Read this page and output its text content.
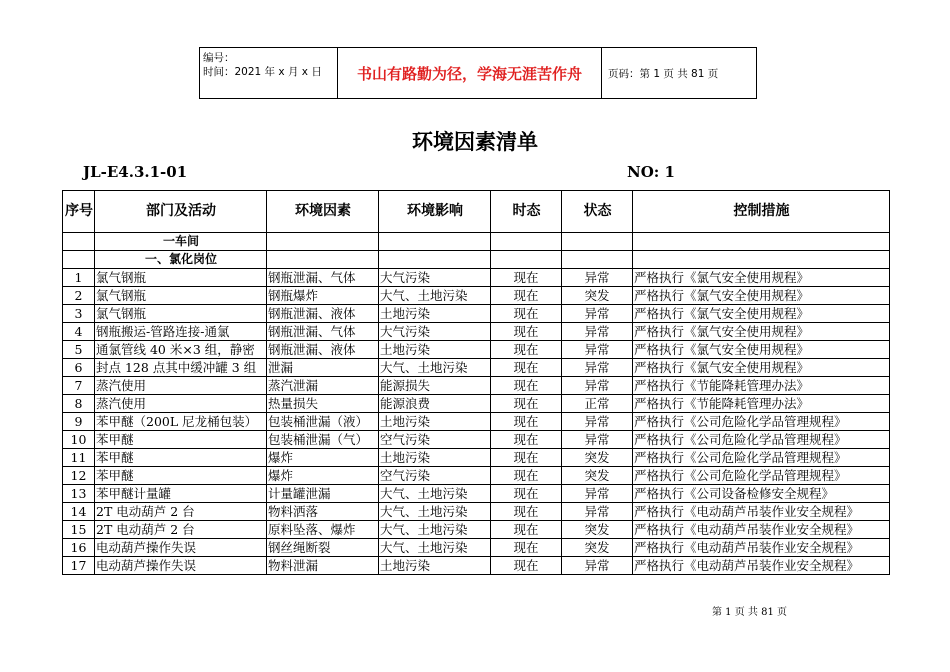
编号：
时间：2021 年 x 月 x 日	书山有路勤为径，学海无涯苦作舟	页码：第 1 页 共 81 页
环境因素清单
JL-E4.3.1-01	NO: 1
序号	部门及活动	环境因素	环境影响	时态	状态	控制措施
	一车间					
	一、氯化岗位					
1	氯气钢瓶	钢瓶泄漏、气体	大气污染	现在	异常	严格执行《氯气安全使用规程》
2	氯气钢瓶	钢瓶爆炸	大气、土地污染	现在	突发	严格执行《氯气安全使用规程》
3	氯气钢瓶	钢瓶泄漏、液体	土地污染	现在	异常	严格执行《氯气安全使用规程》
4	钢瓶搬运-管路连接-通氯	钢瓶泄漏、气体	大气污染	现在	异常	严格执行《氯气安全使用规程》
5	通氯管线 40 米×3 组，静密	钢瓶泄漏、液体	土地污染	现在	异常	严格执行《氯气安全使用规程》
6	封点 128 点其中缓冲罐 3 组	泄漏	大气、土地污染	现在	异常	严格执行《氯气安全使用规程》
7	蒸汽使用	蒸汽泄漏	能源损失	现在	异常	严格执行《节能降耗管理办法》
8	蒸汽使用	热量损失	能源浪费	现在	正常	严格执行《节能降耗管理办法》
9	苯甲醚（200L 尼龙桶包装）	包装桶泄漏（液）	土地污染	现在	异常	严格执行《公司危险化学品管理规程》
10	苯甲醚	包装桶泄漏（气）	空气污染	现在	异常	严格执行《公司危险化学品管理规程》
11	苯甲醚	爆炸	土地污染	现在	突发	严格执行《公司危险化学品管理规程》
12	苯甲醚	爆炸	空气污染	现在	突发	严格执行《公司危险化学品管理规程》
13	苯甲醚计量罐	计量罐泄漏	大气、土地污染	现在	异常	严格执行《公司设备检修安全规程》
14	2T 电动葫芦 2 台	物料洒落	大气、土地污染	现在	异常	严格执行《电动葫芦吊装作业安全规程》
15	2T 电动葫芦 2 台	原料坠落、爆炸	大气、土地污染	现在	突发	严格执行《电动葫芦吊装作业安全规程》
16	电动葫芦操作失误	钢丝绳断裂	大气、土地污染	现在	突发	严格执行《电动葫芦吊装作业安全规程》
17	电动葫芦操作失误	物料泄漏	土地污染	现在	异常	严格执行《电动葫芦吊装作业安全规程》
第 1 页 共 81 页
